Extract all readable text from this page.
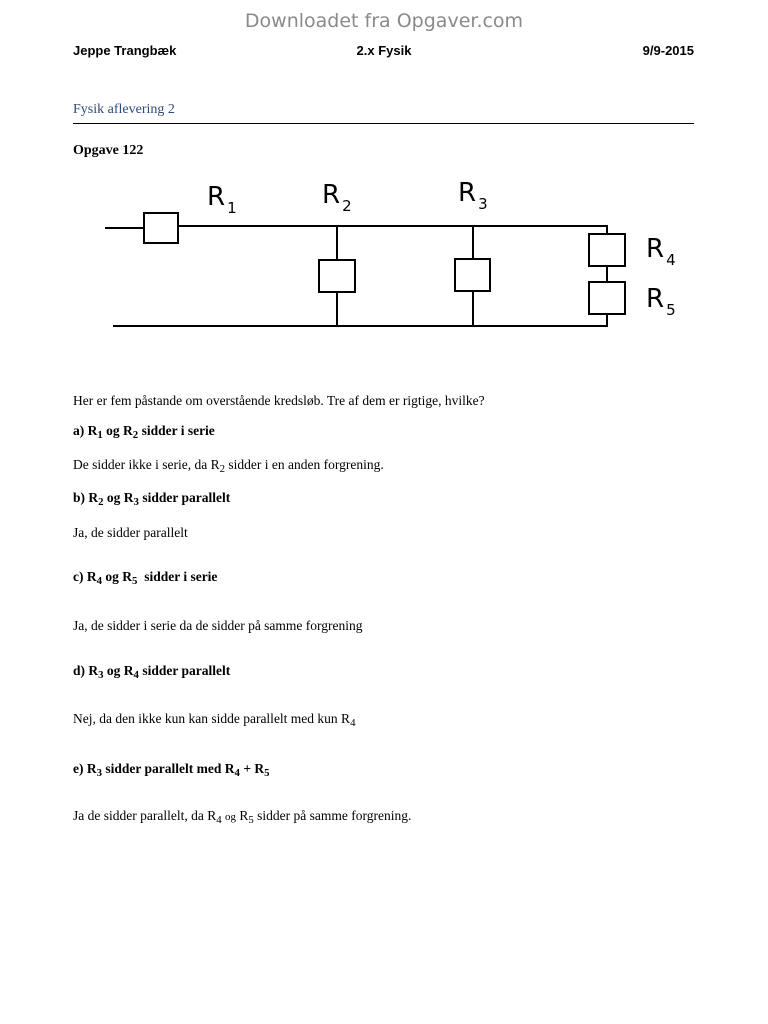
Downloadet fra Opgaver.com
Jeppe Trangbæk	2.x Fysik	9/9-2015
Fysik aflevering 2
Opgave 122
R $_1$	R $_2$	R $_3$
R $_4$
R $_5$
Her er fem påstande om overstående kredsløb. Tre af dem er rigtige, hvilke?
a) $R_1$ og $R_2$ sidder i serie
De sidder ikke i serie, da $R_2$ sidder i en anden forgrening.
b) $R_2$ og $R_3$ sidder parallelt
Ja, de sidder parallelt
c) $R_4$ og $R_5$  sidder i serie
Ja, de sidder i serie da de sidder på samme forgrening
d) $R_3$ og $R_4$ sidder parallelt
Nej, da den ikke kun kan sidde parallelt med kun $R_4$
e) $R_3$ sidder parallelt med $R_4 + R_5$
Ja de sidder parallelt, da $R_4$ og $R_5$ sidder på samme forgrening.
